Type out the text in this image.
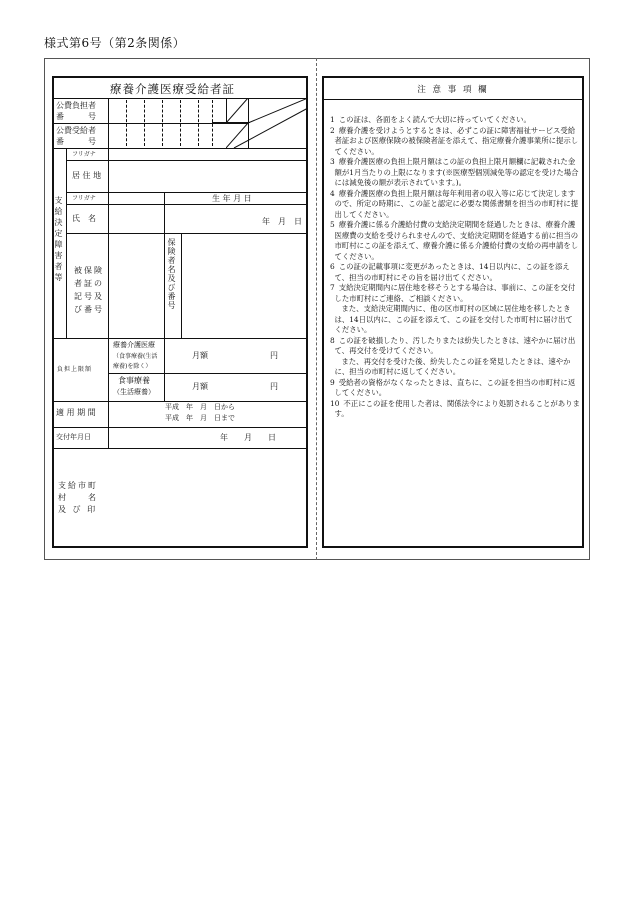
様式第6号（第2条関係）
療養介護医療受給者証
公費負担者
番　　　号
公費受給者
番　　　号
支給決定障害者等
フリガナ
居 住 地
フリガナ	生 年 月 日
氏　名	年　月　日
被保険者証の記号及び番号	保険者名及び番号
負担上限額
療養介護医療
（食事療養(生活
療養)を除く）
月額	円
食事療養
（生活療養）
月額	円
適 用 期 間
平成　年　月　日から
平成　年　月　日まで
交付年月日	年　　月　　日
支給市町
村　　名
及 び 印
注 意 事 項 欄
1 この証は、各面をよく読んで大切に持っていてください。
2 療養介護を受けようとするときは、必ずこの証に障害福祉サービス受給者証および医療保険の被保険者証を添えて、指定療養介護事業所に提示してください。
3 療養介護医療の負担上限月額はこの証の負担上限月額欄に記載された金額が1月当たりの上限になります(※医療型個別減免等の認定を受けた場合には減免後の額が表示されています。)。
4 療養介護医療の負担上限月額は毎年利用者の収入等に応じて決定しますので、所定の時期に、この証と認定に必要な関係書類を担当の市町村に提出してください。
5 療養介護に係る介護給付費の支給決定期間を経過したときは、療養介護医療費の支給を受けられませんので、支給決定期間を経過する前に担当の市町村にこの証を添えて、療養介護に係る介護給付費の支給の再申請をしてください。
6 この証の記載事項に変更があったときは、14日以内に、この証を添えて、担当の市町村にその旨を届け出てください。
7 支給決定期間内に居住地を移そうとする場合は、事前に、この証を交付した市町村にご連絡、ご相談ください。
　また、支給決定期間内に、他の区市町村の区域に居住地を移したときは、14日以内に、この証を添えて、この証を交付した市町村に届け出てください。
8 この証を破損したり、汚したりまたは紛失したときは、速やかに届け出て、再交付を受けてください。
　また、再交付を受けた後、紛失したこの証を発見したときは、速やかに、担当の市町村に返してください。
9 受給者の資格がなくなったときは、直ちに、この証を担当の市町村に返してください。
10 不正にこの証を使用した者は、関係法令により処罰されることがあります。
